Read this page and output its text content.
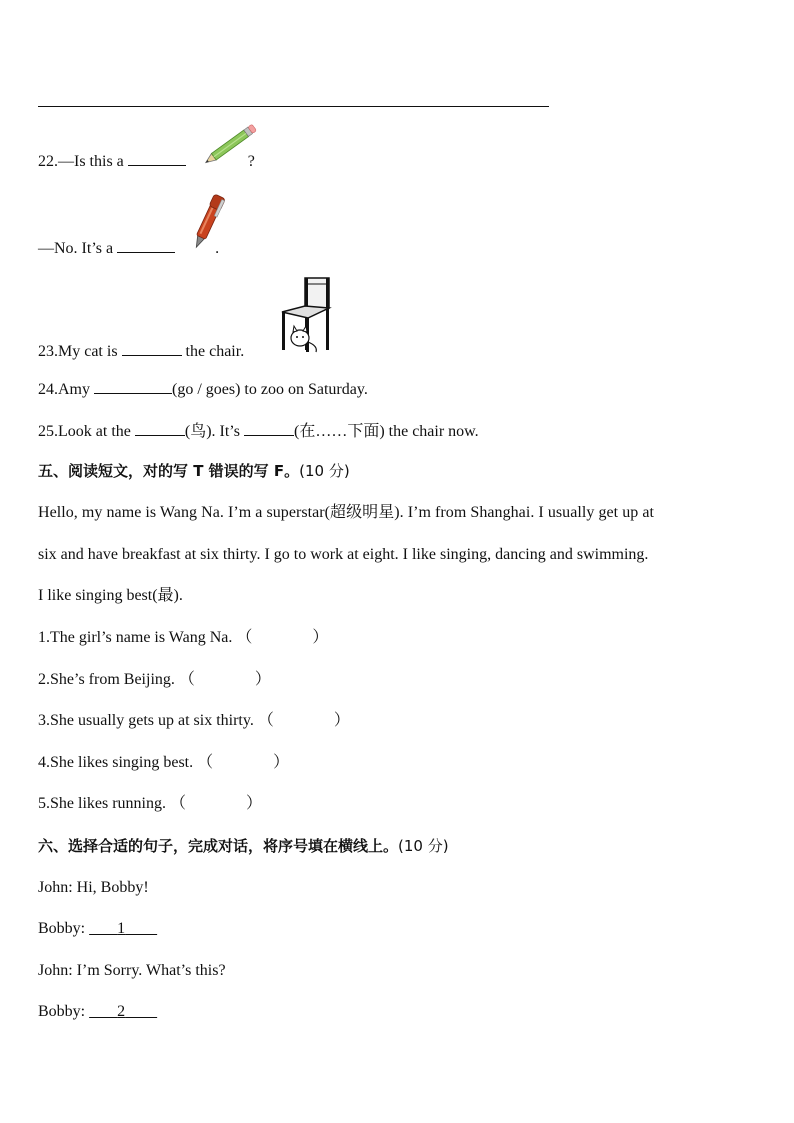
22.—Is this a	?
—No. It’s a	.
23.My cat is	the chair.
24.Amy	(go / goes) to zoo on Saturday.
25.Look at the	(鸟). It’s	(在……下面) the chair now.
五、阅读短文，对的写 T 错误的写 F。(10 分)
Hello, my name is Wang Na. I’m a superstar(超级明星). I’m from Shanghai. I usually get up at
six and have breakfast at six thirty. I go to work at eight. I like singing, dancing and swimming.
I like singing best(最).
1.The girl’s name is Wang Na. （	）
2.She’s from Beijing. （	）
3.She usually gets up at six thirty. （	）
4.She likes singing best. （	）
5.She likes running. （	）
六、选择合适的句子，完成对话，将序号填在横线上。(10 分)
John: Hi, Bobby!
Bobby: 1
John: I’m Sorry. What’s this?
Bobby: 2
